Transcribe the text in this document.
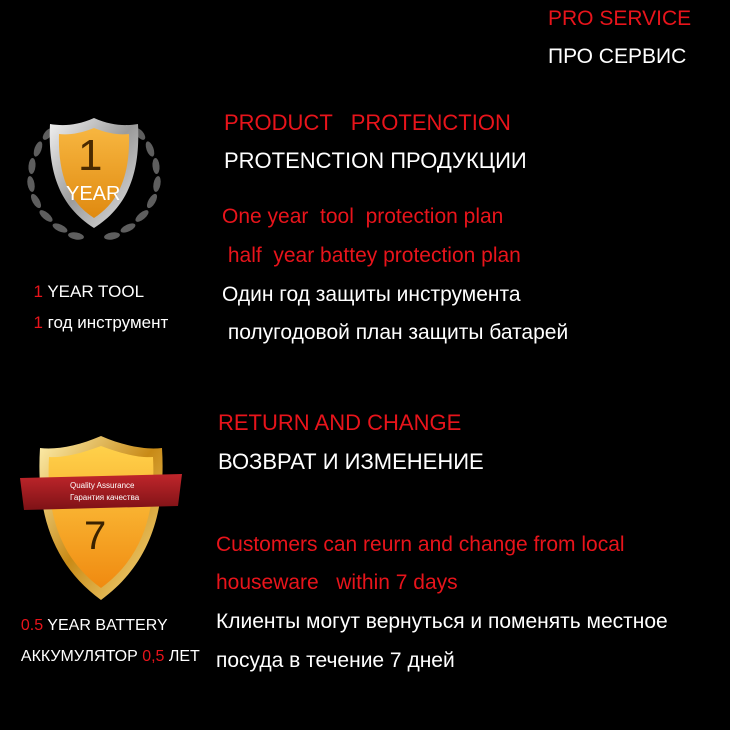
PRO SERVICE
ПРО СЕРВИС
1
YEAR

1 YEAR TOOL

1 год инструмент

PRODUCT   PROTENCTION
PROTENCTION ПРОДУКЦИИ
One year  tool  protection plan
half  year battey protection plan
Один год защиты инструмента
полугодовой план защиты батарей
Quality Assurance
Гарантия качества
7

0.5 YEAR BATTERY

АККУМУЛЯТОР 0,5 ЛЕТ

RETURN AND CHANGE
ВОЗВРАТ И ИЗМЕНЕНИЕ
Customers can reurn and change from local
houseware   within 7 days
Клиенты могут вернуться и поменять местное
посуда в течение 7 дней
